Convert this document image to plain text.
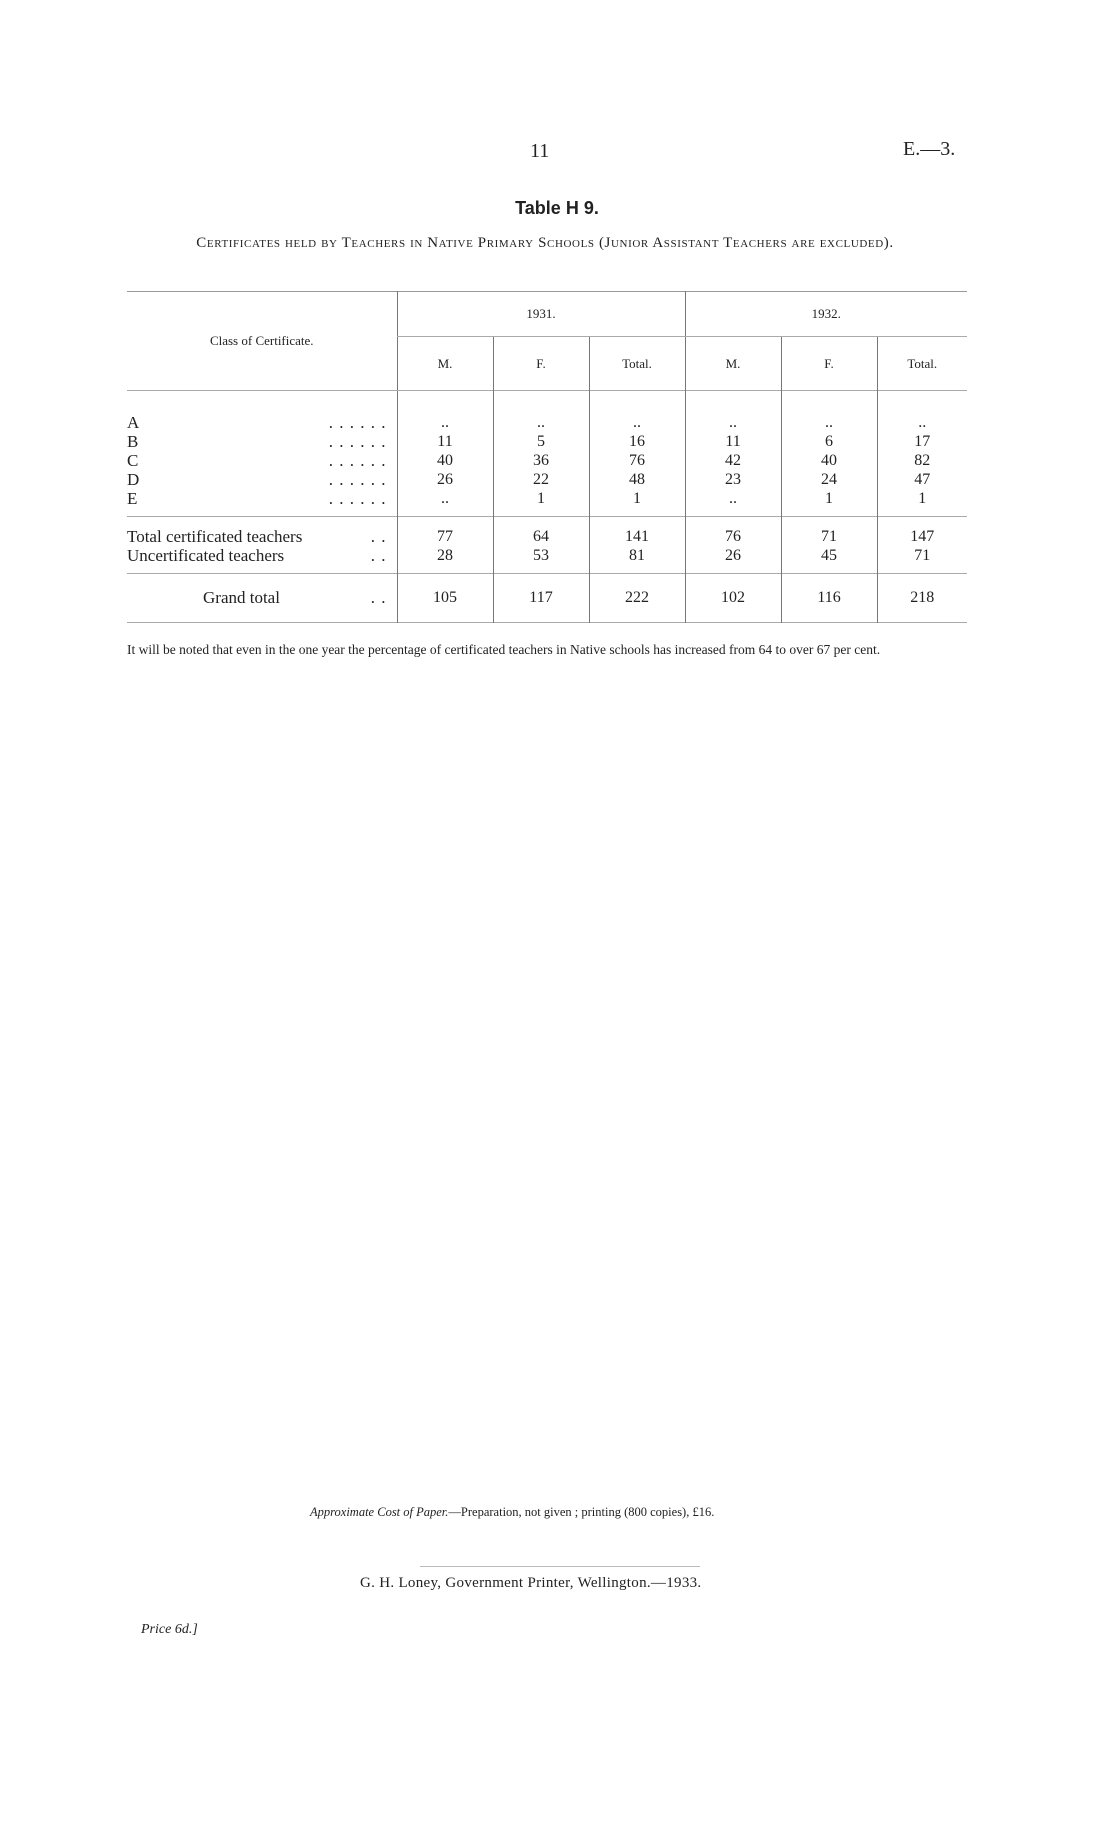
11	E.—3.
Table H 9.
Certificates held by Teachers in Native Primary Schools (Junior Assistant Teachers are excluded).
Class of Certificate.	1931.			1932.		
	M.	F.	Total.	M.	F.	Total.

A . . . . . .	..	..	..	..	..	..
B . . . . . .	11	5	16	11	6	17
C . . . . . .	40	36	76	42	40	82
D . . . . . .	26	22	48	23	24	47
E . . . . . .	..	1	1	..	1	1
Total certificated teachers . .	77	64	141	76	71	147
Uncertificated teachers . .	28	53	81	26	45	71
Grand total . .	105	117	222	102	116	218
It will be noted that even in the one year the percentage of certificated teachers in Native schools has increased from 64 to over 67 per cent.
Approximate Cost of Paper.—Preparation, not given ; printing (800 copies), £16.
G. H. Loney, Government Printer, Wellington.—1933.
Price 6d.]
